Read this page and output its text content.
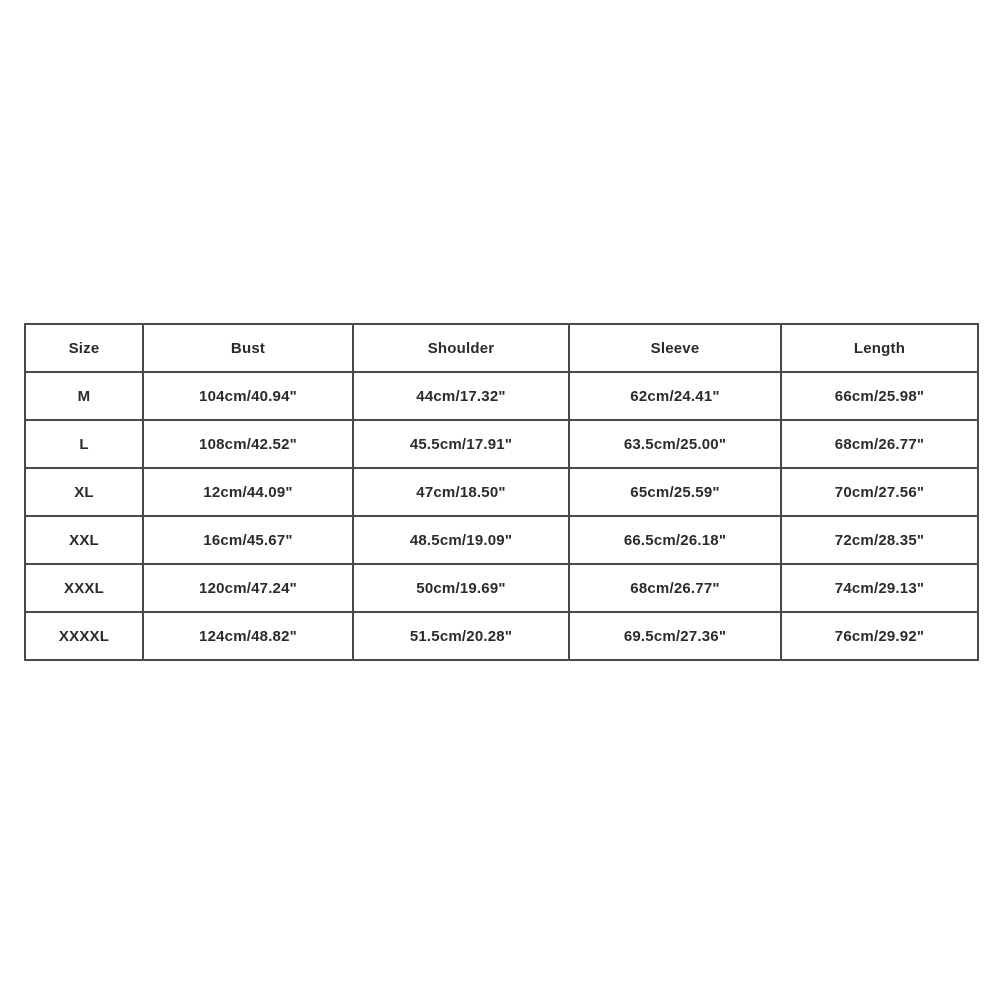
Size	Bust	Shoulder	Sleeve	Length
M	104cm/40.94"	44cm/17.32"	62cm/24.41"	66cm/25.98"
L	108cm/42.52"	45.5cm/17.91"	63.5cm/25.00"	68cm/26.77"
XL	12cm/44.09"	47cm/18.50"	65cm/25.59"	70cm/27.56"
XXL	16cm/45.67"	48.5cm/19.09"	66.5cm/26.18"	72cm/28.35"
XXXL	120cm/47.24"	50cm/19.69"	68cm/26.77"	74cm/29.13"
XXXXL	124cm/48.82"	51.5cm/20.28"	69.5cm/27.36"	76cm/29.92"
